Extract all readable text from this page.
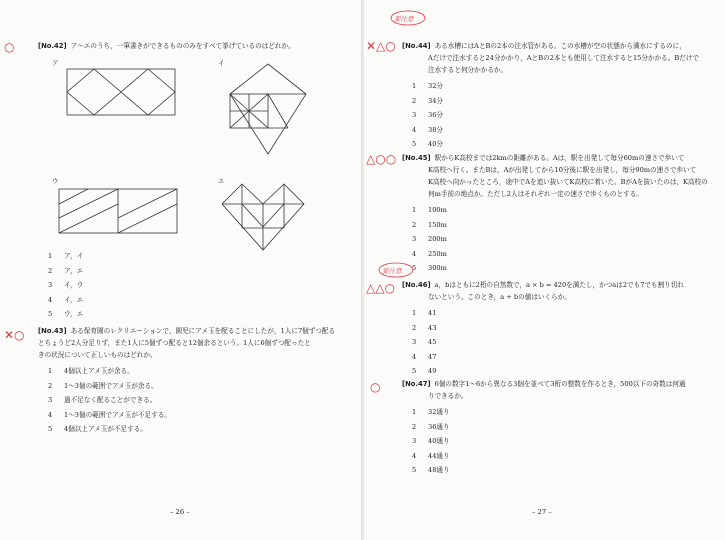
○	[No.42] ア〜エのうち，一筆書きができるもののみをすべて挙げているのはどれか。
ア	イ
ウ	エ
1 ア，イ
2 ア，エ
3 イ，ウ
4 イ，エ
5 ウ，エ
✕○ [No.43] ある保育園のレクリエーションで，園児にアメ玉を配ることにしたが，1人に7個ずつ配る
とちょうど2人分足りず，また1人に5個ずつ配ると12個余るという。1人に6個ずつ配ったと
きの状況について正しいものはどれか。
1 4個以上アメ玉が余る。
2 1〜3個の範囲でアメ玉が余る。
3 過不足なく配ることができる。
4 1〜3個の範囲でアメ玉が不足する。
5 4個以上アメ玉が不足する。
– 26 –
要注意
✕△○ [No.44] ある水槽にはAとBの2本の注水管がある。この水槽が空の状態から満水にするのに，
Aだけで注水すると24分かかり，AとBの2本とも使用して注水すると15分かかる。Bだけで
注水すると何分かかるか。
1 32分
2 34分
3 36分
4 38分
5 40分
△○○ [No.45] 駅からK高校までは2kmの距離がある。Aは，駅を出発して毎分60mの速さで歩いて
K高校へ行く。またBは，Aが出発してから10分後に駅を出発し，毎分90mの速さで歩いて
K高校へ向かったところ，途中でAを追い抜いてK高校に着いた。BがAを抜いたのは，K高校の
何m手前の地点か。ただし2人はそれぞれ一定の速さで歩くものとする。
1 100m
2 150m
3 200m
4 250m
5 300m
要注意
△△○ [No.46] a，bはともに2桁の自然数で，a × b = 420を満たし，かつaは2でも7でも割り切れ
ないという。このとき，a + bの値はいくらか。
1 41
2 43
3 45
4 47
5 49
○	[No.47] 6個の数字1〜6から異なる3個を並べて3桁の整数を作るとき，500以下の奇数は何通
りできるか。
1 32通り
2 36通り
3 40通り
4 44通り
5 48通り
– 27 –
